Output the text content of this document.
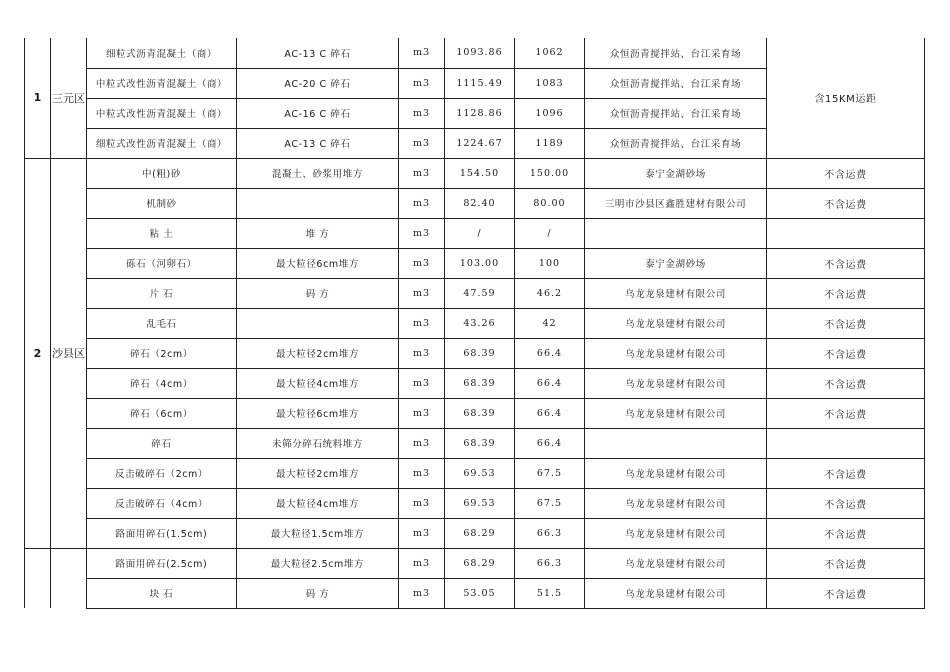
1	三元区	细粒式沥青混凝土（商）	AC-13 C 碎石	m3	1093.86	1062	众恒沥青搅拌站、台江采育场	含15KM运距
		中粒式改性沥青混凝土（商）	AC-20 C 碎石	m3	1115.49	1083	众恒沥青搅拌站、台江采育场	
		中粒式改性沥青混凝土（商）	AC-16 C 碎石	m3	1128.86	1096	众恒沥青搅拌站、台江采育场	
		细粒式改性沥青混凝土（商）	AC-13 C 碎石	m3	1224.67	1189	众恒沥青搅拌站、台江采育场	
2	沙县区	中(粗)砂	混凝土、砂浆用堆方	m3	154.50	150.00	泰宁金湖砂场	不含运费
		机制砂		m3	82.40	80.00	三明市沙县区鑫胜建材有限公司	不含运费
		粘 土	堆 方	m3	/	/		
		砾石（河卵石）	最大粒径6cm堆方	m3	103.00	100	泰宁金湖砂场	不含运费
		片 石	码 方	m3	47.59	46.2	乌龙龙泉建材有限公司	不含运费
		乱毛石		m3	43.26	42	乌龙龙泉建材有限公司	不含运费
		碎石（2cm）	最大粒径2cm堆方	m3	68.39	66.4	乌龙龙泉建材有限公司	不含运费
		碎石（4cm）	最大粒径4cm堆方	m3	68.39	66.4	乌龙龙泉建材有限公司	不含运费
		碎石（6cm）	最大粒径6cm堆方	m3	68.39	66.4	乌龙龙泉建材有限公司	不含运费
		碎石	未筛分碎石统料堆方	m3	68.39	66.4		
		反击破碎石（2cm）	最大粒径2cm堆方	m3	69.53	67.5	乌龙龙泉建材有限公司	不含运费
		反击破碎石（4cm）	最大粒径4cm堆方	m3	69.53	67.5	乌龙龙泉建材有限公司	不含运费
		路面用碎石(1.5cm)	最大粒径1.5cm堆方	m3	68.29	66.3	乌龙龙泉建材有限公司	不含运费
		路面用碎石(2.5cm)	最大粒径2.5cm堆方	m3	68.29	66.3	乌龙龙泉建材有限公司	不含运费
		块 石	码 方	m3	53.05	51.5	乌龙龙泉建材有限公司	不含运费
